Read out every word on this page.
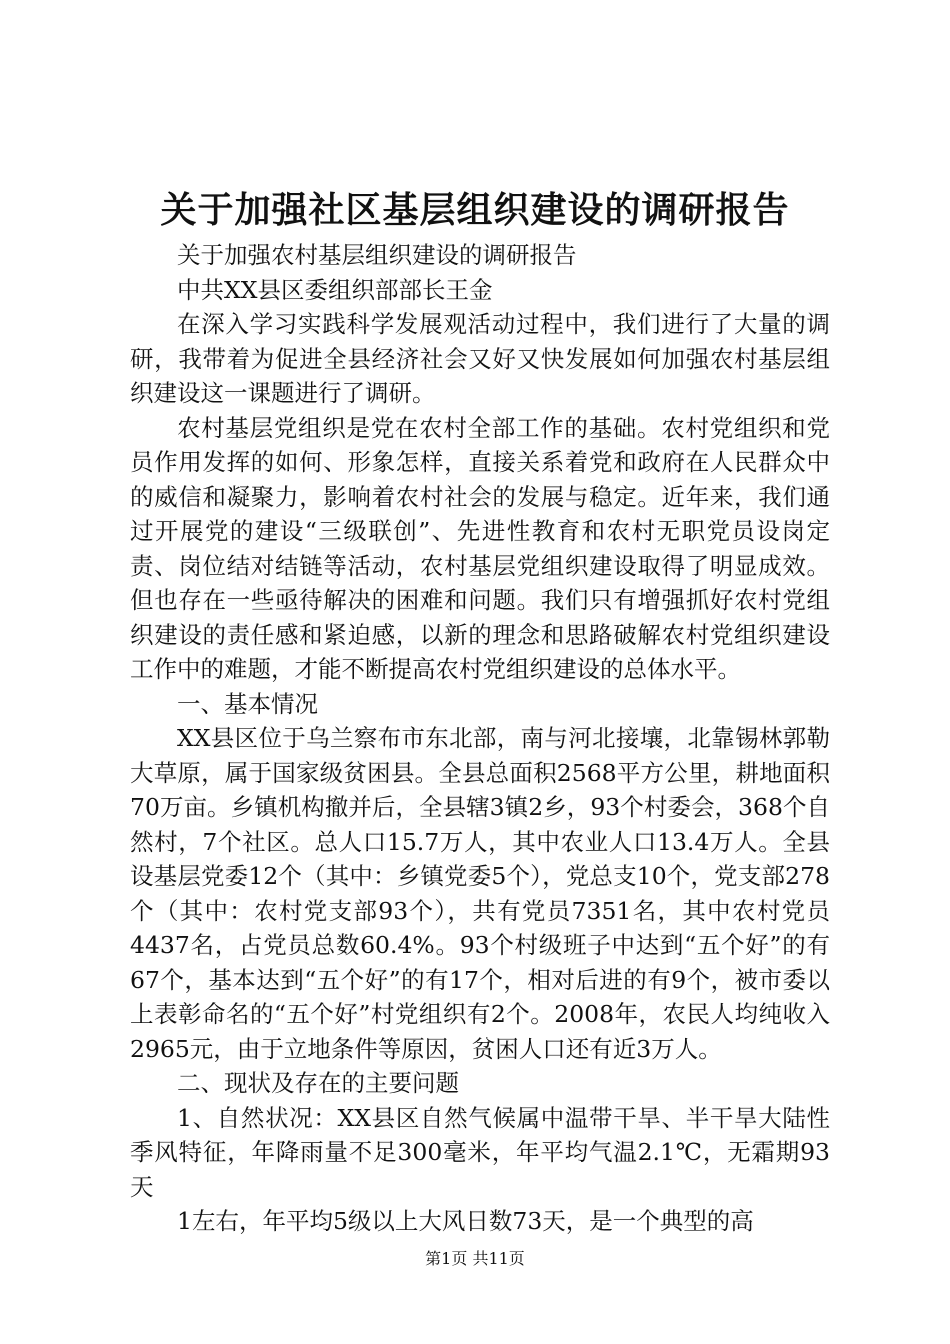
关于加强社区基层组织建设的调研报告

关于加强农村基层组织建设的调研报告

中共XX县区委组织部部长王金

在深入学习实践科学发展观活动过程中，我们进行了大量的调研，我带着为促进全县经济社会又好又快发展如何加强农村基层组织建设这一课题进行了调研。

农村基层党组织是党在农村全部工作的基础。农村党组织和党员作用发挥的如何、形象怎样，直接关系着党和政府在人民群众中的威信和凝聚力，影响着农村社会的发展与稳定。近年来，我们通过开展党的建设“三级联创”、先进性教育和农村无职党员设岗定责、岗位结对结链等活动，农村基层党组织建设取得了明显成效。但也存在一些亟待解决的困难和问题。我们只有增强抓好农村党组织建设的责任感和紧迫感，以新的理念和思路破解农村党组织建设工作中的难题，才能不断提高农村党组织建设的总体水平。

一、基本情况

XX县区位于乌兰察布市东北部，南与河北接壤，北靠锡林郭勒大草原，属于国家级贫困县。全县总面积2568平方公里，耕地面积70万亩。乡镇机构撤并后，全县辖3镇2乡，93个村委会，368个自然村，7个社区。总人口15.7万人，其中农业人口13.4万人。全县设基层党委12个（其中：乡镇党委5个），党总支10个，党支部278个（其中：农村党支部93个），共有党员7351名，其中农村党员4437名，占党员总数60.4%。93个村级班子中达到“五个好”的有67个，基本达到“五个好”的有17个，相对后进的有9个，被市委以上表彰命名的“五个好”村党组织有2个。2008年，农民人均纯收入2965元，由于立地条件等原因，贫困人口还有近3万人。

二、现状及存在的主要问题

1、自然状况：XX县区自然气候属中温带干旱、半干旱大陆性季风特征，年降雨量不足300毫米，年平均气温2.1℃，无霜期93天

1左右，年平均5级以上大风日数73天，是一个典型的高

第1页 共11页
